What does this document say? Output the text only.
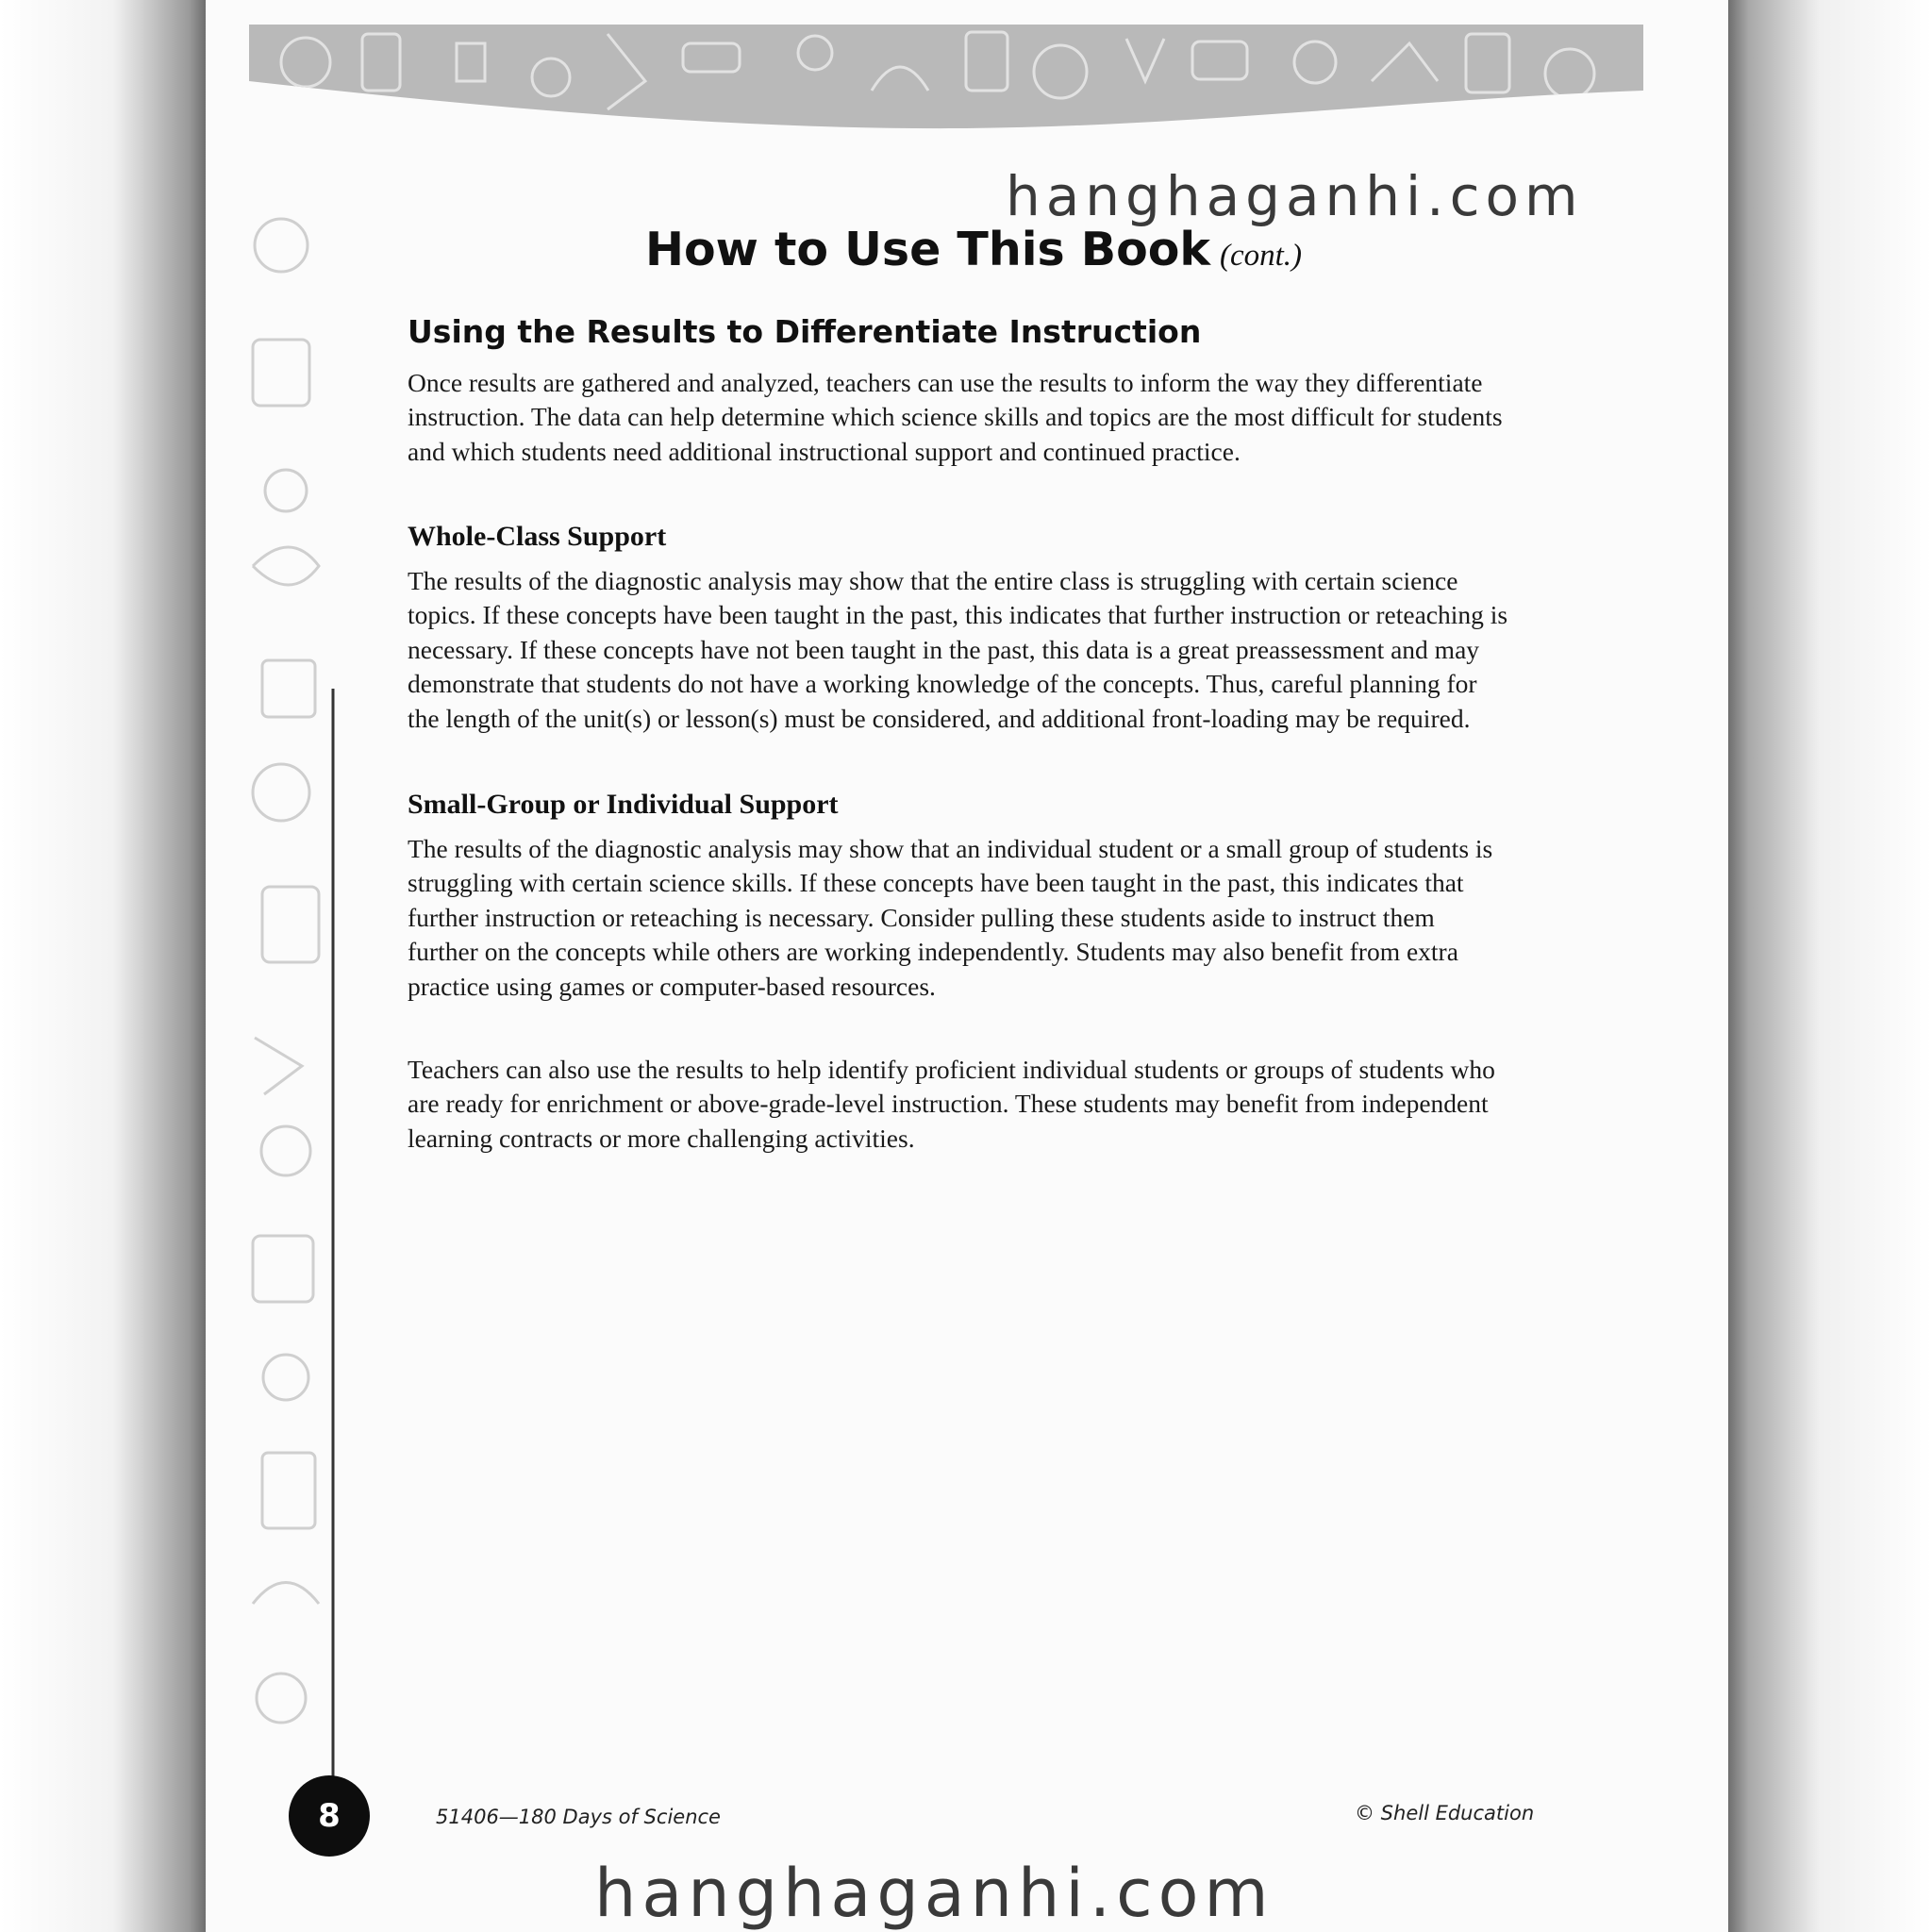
hanghaganhi.com
How to Use This Book (cont.)
Using the Results to Differentiate Instruction
Once results are gathered and analyzed, teachers can use the results to inform the way they differentiate instruction. The data can help determine which science skills and topics are the most difficult for students and which students need additional instructional support and continued practice.
Whole-Class Support
The results of the diagnostic analysis may show that the entire class is struggling with certain science topics. If these concepts have been taught in the past, this indicates that further instruction or reteaching is necessary. If these concepts have not been taught in the past, this data is a great preassessment and may demonstrate that students do not have a working knowledge of the concepts. Thus, careful planning for the length of the unit(s) or lesson(s) must be considered, and additional front-loading may be required.
Small-Group or Individual Support
The results of the diagnostic analysis may show that an individual student or a small group of students is struggling with certain science skills. If these concepts have been taught in the past, this indicates that further instruction or reteaching is necessary. Consider pulling these students aside to instruct them further on the concepts while others are working independently. Students may also benefit from extra practice using games or computer-based resources.
Teachers can also use the results to help identify proficient individual students or groups of students who are ready for enrichment or above-grade-level instruction. These students may benefit from independent learning contracts or more challenging activities.
8	51406—180 Days of Science	© Shell Education
hanghaganhi.com
